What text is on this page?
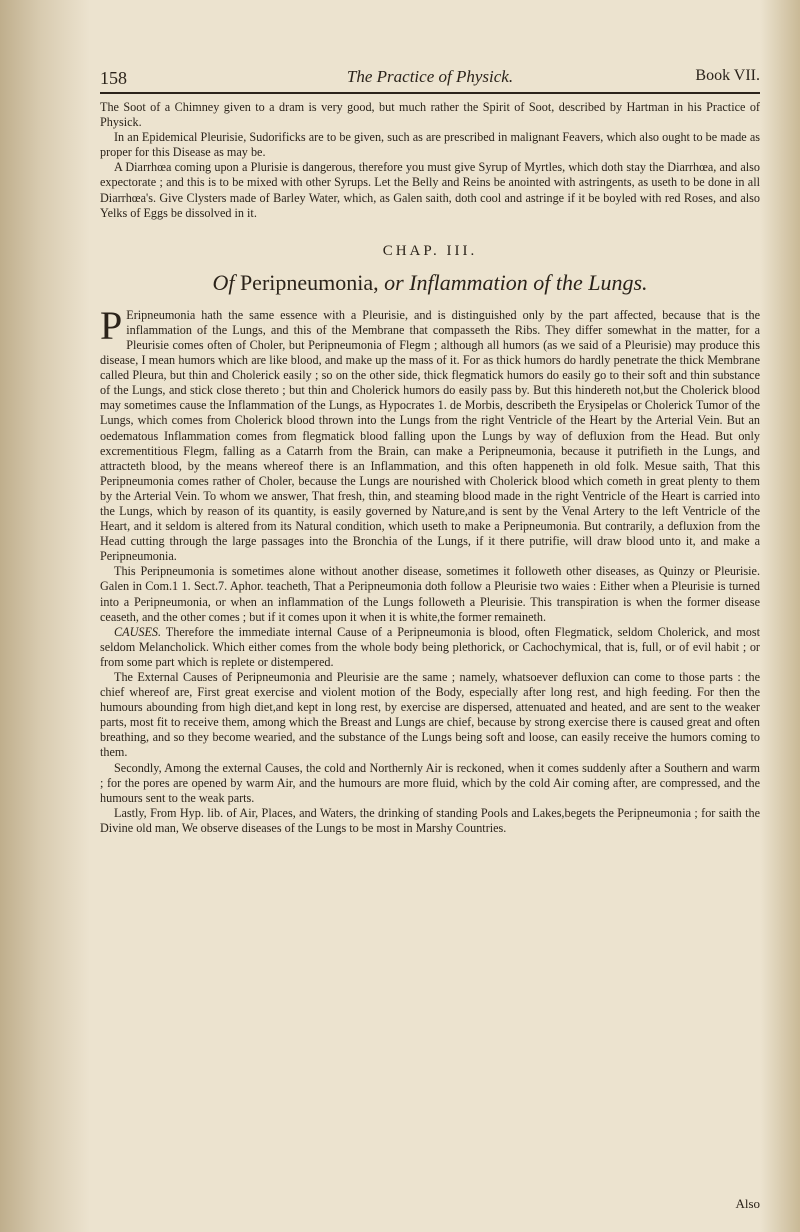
158	The Practice of Physick.	Book VII.

The Soot of a Chimney given to a dram is very good, but much rather the Spirit of Soot, described by Hartman in his Practice of Physick.

In an Epidemical Pleurisie, Sudorificks are to be given, such as are prescribed in malignant Feavers, which also ought to be made as proper for this Disease as may be.

A Diarrhœa coming upon a Plurisie is dangerous, therefore you must give Syrup of Myrtles, which doth stay the Diarrhœa, and also expectorate ; and this is to be mixed with other Syrups. Let the Belly and Reins be anointed with astringents, as useth to be done in all Diarrhœa's. Give Clysters made of Barley Water, which, as Galen saith, doth cool and astringe if it be boyled with red Roses, and also Yelks of Eggs be dissolved in it.

CHAP. III.
Of Peripneumonia, or Inflammation of the Lungs.

P Eripneumonia hath the same essence with a Pleurisie, and is distinguished only by the part affected, because that is the inflammation of the Lungs, and this of the Membrane that compasseth the Ribs. They differ somewhat in the matter, for a Pleurisie comes often of Choler, but Peripneumonia of Flegm ; although all humors (as we said of a Pleurisie) may produce this disease, I mean humors which are like blood, and make up the mass of it. For as thick humors do hardly penetrate the thick Membrane called Pleura, but thin and Cholerick easily ; so on the other side, thick flegmatick humors do easily go to their soft and thin substance of the Lungs, and stick close thereto ; but thin and Cholerick humors do easily pass by. But this hindereth not,but the Cholerick blood may sometimes cause the Inflammation of the Lungs, as Hypocrates 1. de Morbis, describeth the Erysipelas or Cholerick Tumor of the Lungs, which comes from Cholerick blood thrown into the Lungs from the right Ventricle of the Heart by the Arterial Vein. But an oedematous Inflammation comes from flegmatick blood falling upon the Lungs by way of defluxion from the Head. But only excrementitious Flegm, falling as a Catarrh from the Brain, can make a Peripneumonia, because it putrifieth in the Lungs, and attracteth blood, by the means whereof there is an Inflammation, and this often happeneth in old folk. Mesue saith, That this Peripneumonia comes rather of Choler, because the Lungs are nourished with Cholerick blood which cometh in great plenty to them by the Arterial Vein. To whom we answer, That fresh, thin, and steaming blood made in the right Ventricle of the Heart is carried into the Lungs, which by reason of its quantity, is easily governed by Nature,and is sent by the Venal Artery to the left Ventricle of the Heart, and it seldom is altered from its Natural condition, which useth to make a Peripneumonia. But contrarily, a defluxion from the Head cutting through the large passages into the Bronchia of the Lungs, if it there putrifie, will draw blood unto it, and make a Peripneumonia.

This Peripneumonia is sometimes alone without another disease, sometimes it followeth other diseases, as Quinzy or Pleurisie. Galen in Com.1 1. Sect.7. Aphor. teacheth, That a Peripneumonia doth follow a Pleurisie two waies : Either when a Pleurisie is turned into a Peripneumonia, or when an inflammation of the Lungs followeth a Pleurisie. This transpiration is when the former disease ceaseth, and the other comes ; but if it comes upon it when it is white,the former remaineth.

CAUSES. Therefore the immediate internal Cause of a Peripneumonia is blood, often Flegmatick, seldom Cholerick, and most seldom Melancholick. Which either comes from the whole body being plethorick, or Cachochymical, that is, full, or of evil habit ; or from some part which is replete or distempered.

The External Causes of Peripneumonia and Pleurisie are the same ; namely, whatsoever defluxion can come to those parts : the chief whereof are, First great exercise and violent motion of the Body, especially after long rest, and high feeding. For then the humours abounding from high diet,and kept in long rest, by exercise are dispersed, attenuated and heated, and are sent to the weaker parts, most fit to receive them, among which the Breast and Lungs are chief, because by strong exercise there is caused great and often breathing, and so they become wearied, and the substance of the Lungs being soft and loose, can easily receive the humors coming to them.

Secondly, Among the external Causes, the cold and Northernly Air is reckoned, when it comes suddenly after a Southern and warm ; for the pores are opened by warm Air, and the humours are more fluid, which by the cold Air coming after, are compressed, and the humours sent to the weak parts.

Lastly, From Hyp. lib. of Air, Places, and Waters, the drinking of standing Pools and Lakes,begets the Peripneumonia ; for saith the Divine old man, We observe diseases of the Lungs to be most in Marshy Countries.

Also
